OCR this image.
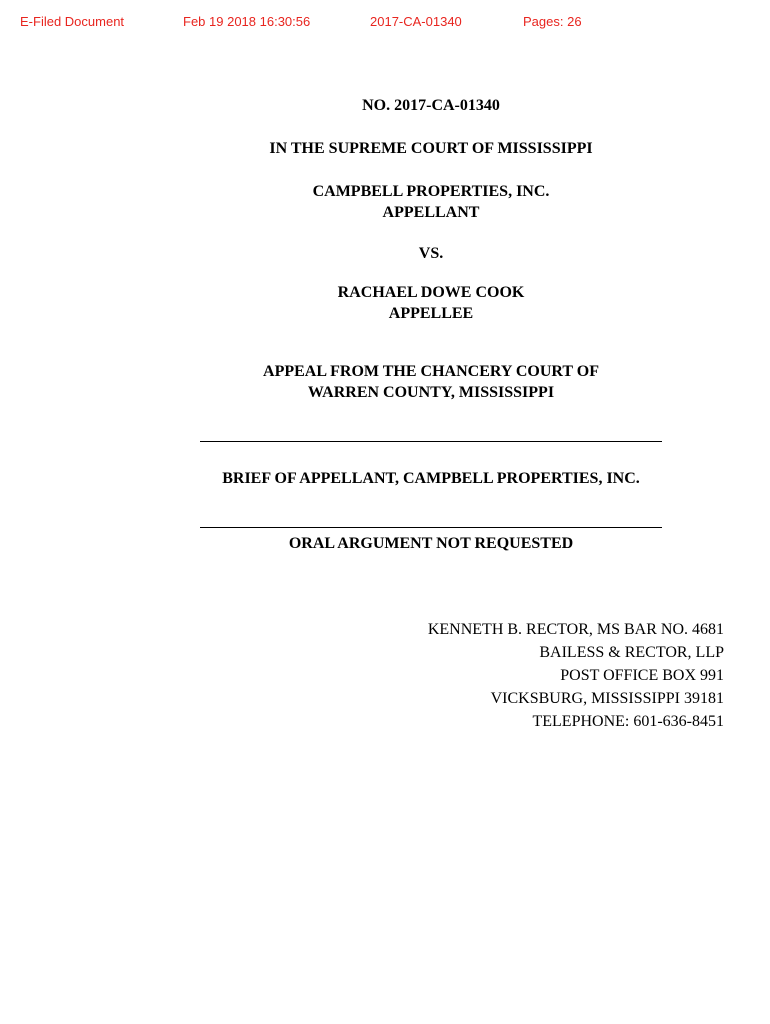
E-Filed Document	Feb 19 2018 16:30:56	2017-CA-01340	Pages: 26
NO. 2017-CA-01340
IN THE SUPREME COURT OF MISSISSIPPI
CAMPBELL PROPERTIES, INC.
APPELLANT
VS.
RACHAEL DOWE COOK
APPELLEE
APPEAL FROM THE CHANCERY COURT OF
WARREN COUNTY, MISSISSIPPI
BRIEF OF APPELLANT, CAMPBELL PROPERTIES, INC.
ORAL ARGUMENT NOT REQUESTED
KENNETH B. RECTOR, MS BAR NO. 4681
BAILESS & RECTOR, LLP
POST OFFICE BOX 991
VICKSBURG, MISSISSIPPI 39181
TELEPHONE: 601-636-8451
